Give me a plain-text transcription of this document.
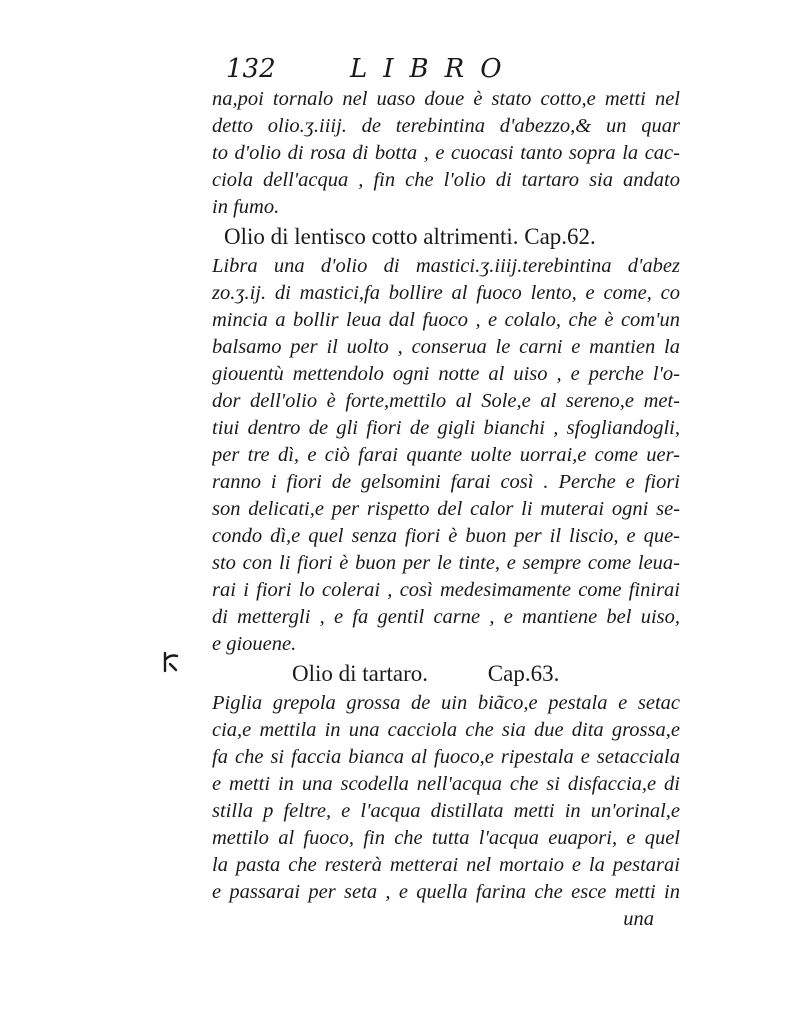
132	LIBRO
na,poi tornalo nel uaso doue è stato cotto,e metti nel
detto olio.ʒ.iiij. de terebintina d'abezzo,& un quar
to d'olio di rosa di botta , e cuocasi tanto sopra la cac-
ciola dell'acqua , fin che l'olio di tartaro sia andato
in fumo.
Olio di lentisco cotto altrimenti. Cap.62.
Libra una d'olio di mastici.ʒ.iiij.terebintina d'abez
zo.ʒ.ij. di mastici,fa bollire al fuoco lento, e come, co
mincia a bollir leua dal fuoco , e colalo, che è com'un
balsamo per il uolto , conserua le carni e mantien la
giouentù mettendolo ogni notte al uiso , e perche l'o-
dor dell'olio è forte,mettilo al Sole,e al sereno,e met-
tiui dentro de gli fiori de gigli bianchi , sfogliandogli,
per tre dì, e ciò farai quante uolte uorrai,e come uer-
ranno i fiori de gelsomini farai così . Perche e fiori
son delicati,e per rispetto del calor li muterai ogni se-
condo dì,e quel senza fiori è buon per il liscio, e que-
sto con li fiori è buon per le tinte, e sempre come leua-
rai i fiori lo colerai , così medesimamente come finirai
di mettergli , e fa gentil carne , e mantiene bel uiso,
e giouene.
Olio di tartaro.	Cap.63.
Piglia grepola grossa de uin biãco,e pestala e setac
cia,e mettila in una cacciola che sia due dita grossa,e
fa che si faccia bianca al fuoco,e ripestala e setacciala
e metti in una scodella nell'acqua che si disfaccia,e di
stilla p feltre, e l'acqua distillata metti in un'orinal,e
mettilo al fuoco, fin che tutta l'acqua euapori, e quel
la pasta che resterà metterai nel mortaio e la pestarai
e passarai per seta , e quella farina che esce metti in
una
